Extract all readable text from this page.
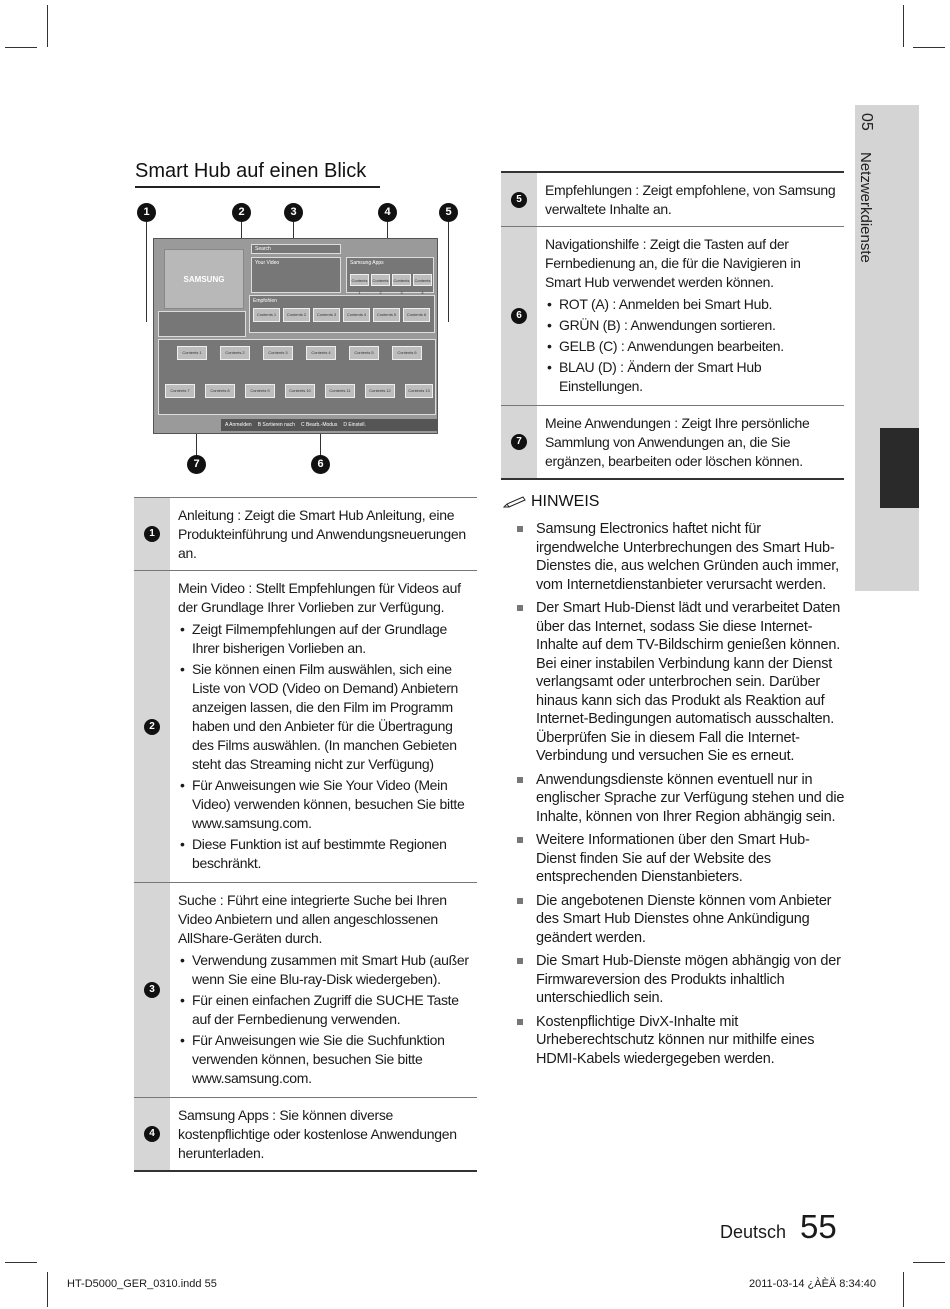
05
Netzwerkdienste
Smart Hub auf einen Blick
1	2	3	4	5
7	6
SAMSUNG
Search
Your Video	Samsung Apps
Contents 1
Contents 2
Contents 3
Contents 4
Empfohlen
Contents 1	Contents 2	Contents 3	Contents 4	Contents 5	Contents 6
Contents 1	Contents 2	Contents 3	Contents 4	Contents 5	Contents 6
Contents 7	Contents 8	Contents 9	Contents 10	Contents 11	Contents 12	Contents 13
A Anmelden B Sortieren nach C Bearb.-Modus D Einstell.
1
Anleitung : Zeigt die Smart Hub Anleitung, eine Produkteinführung und Anwendungsneuerungen an.
2
Mein Video : Stellt Empfehlungen für Videos auf der Grundlage Ihrer Vorlieben zur Verfügung.
• Zeigt Filmempfehlungen auf der Grundlage Ihrer bisherigen Vorlieben an.
• Sie können einen Film auswählen, sich eine Liste von VOD (Video on Demand) Anbietern anzeigen lassen, die den Film im Programm haben und den Anbieter für die Übertragung des Films auswählen. (In manchen Gebieten steht das Streaming nicht zur Verfügung)
• Für Anweisungen wie Sie Your Video (Mein Video) verwenden können, besuchen Sie bitte www.samsung.com.
• Diese Funktion ist auf bestimmte Regionen beschränkt.
3
Suche : Führt eine integrierte Suche bei Ihren Video Anbietern und allen angeschlossenen AllShare-Geräten durch.
• Verwendung zusammen mit Smart Hub (außer wenn Sie eine Blu-ray-Disk wiedergeben).
• Für einen einfachen Zugriff die SUCHE Taste auf der Fernbedienung verwenden.
• Für Anweisungen wie Sie die Suchfunktion verwenden können, besuchen Sie bitte www.samsung.com.
4
Samsung Apps : Sie können diverse kostenpflichtige oder kostenlose Anwendungen herunterladen.
5
Empfehlungen : Zeigt empfohlene, von Samsung verwaltete Inhalte an.
6
Navigationshilfe : Zeigt die Tasten auf der Fernbedienung an, die für die Navigieren in Smart Hub verwendet werden können.
• ROT (A) : Anmelden bei Smart Hub.
• GRÜN (B) : Anwendungen sortieren.
• GELB (C) : Anwendungen bearbeiten.
• BLAU (D) : Ändern der Smart Hub Einstellungen.
7
Meine Anwendungen : Zeigt Ihre persönliche Sammlung von Anwendungen an, die Sie ergänzen, bearbeiten oder löschen können.
HINWEIS
Samsung Electronics haftet nicht für irgendwelche Unterbrechungen des Smart Hub-Dienstes die, aus welchen Gründen auch immer, vom Internetdienstanbieter verursacht werden.
Der Smart Hub-Dienst lädt und verarbeitet Daten über das Internet, sodass Sie diese Internet-Inhalte auf dem TV-Bildschirm genießen können. Bei einer instabilen Verbindung kann der Dienst verlangsamt oder unterbrochen sein. Darüber hinaus kann sich das Produkt als Reaktion auf Internet-Bedingungen automatisch ausschalten. Überprüfen Sie in diesem Fall die Internet-Verbindung und versuchen Sie es erneut.
Anwendungsdienste können eventuell nur in englischer Sprache zur Verfügung stehen und die Inhalte, können von Ihrer Region abhängig sein.
Weitere Informationen über den Smart Hub-Dienst finden Sie auf der Website des entsprechenden Dienstanbieters.
Die angebotenen Dienste können vom Anbieter des Smart Hub Dienstes ohne Ankündigung geändert werden.
Die Smart Hub-Dienste mögen abhängig von der Firmwareversion des Produkts inhaltlich unterschiedlich sein.
Kostenpflichtige DivX-Inhalte mit Urheberechtschutz können nur mithilfe eines HDMI-Kabels wiedergegeben werden.
Deutsch 55
HT-D5000_GER_0310.indd 55	2011-03-14 ¿ÀÈÄ 8:34:40
